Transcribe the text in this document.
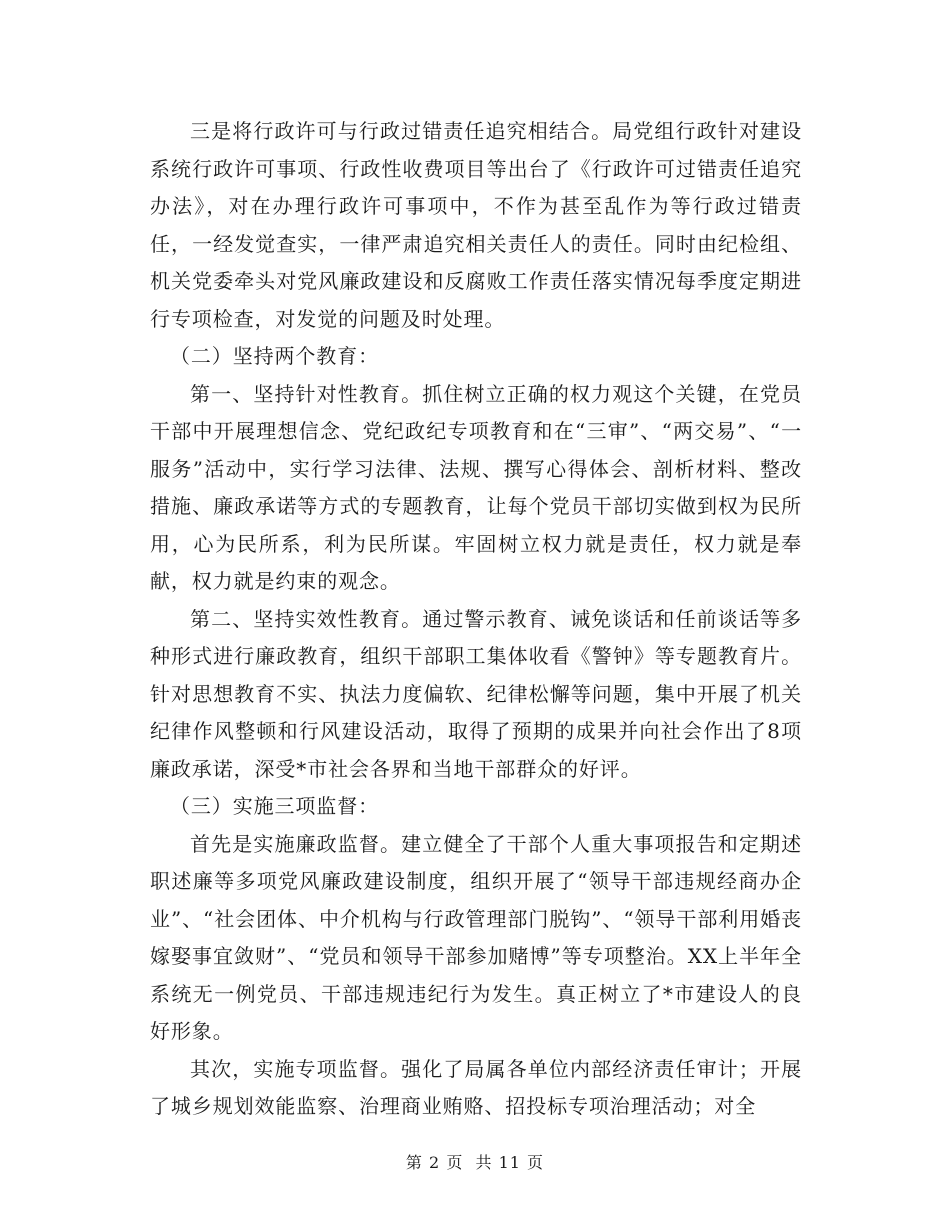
三是将行政许可与行政过错责任追究相结合。局党组行政针对建设系统行政许可事项、行政性收费项目等出台了《行政许可过错责任追究办法》，对在办理行政许可事项中，不作为甚至乱作为等行政过错责任，一经发觉查实，一律严肃追究相关责任人的责任。同时由纪检组、机关党委牵头对党风廉政建设和反腐败工作责任落实情况每季度定期进行专项检查，对发觉的问题及时处理。

（二）坚持两个教育：

第一、坚持针对性教育。抓住树立正确的权力观这个关键，在党员干部中开展理想信念、党纪政纪专项教育和在“三审”、“两交易”、“一服务”活动中，实行学习法律、法规、撰写心得体会、剖析材料、整改措施、廉政承诺等方式的专题教育，让每个党员干部切实做到权为民所用，心为民所系，利为民所谋。牢固树立权力就是责任，权力就是奉献，权力就是约束的观念。

第二、坚持实效性教育。通过警示教育、诫免谈话和任前谈话等多种形式进行廉政教育，组织干部职工集体收看《警钟》等专题教育片。针对思想教育不实、执法力度偏软、纪律松懈等问题，集中开展了机关纪律作风整顿和行风建设活动，取得了预期的成果并向社会作出了8项廉政承诺，深受*市社会各界和当地干部群众的好评。

（三）实施三项监督：

首先是实施廉政监督。建立健全了干部个人重大事项报告和定期述职述廉等多项党风廉政建设制度，组织开展了“领导干部违规经商办企业”、“社会团体、中介机构与行政管理部门脱钩”、“领导干部利用婚丧嫁娶事宜敛财”、“党员和领导干部参加赌博”等专项整治。XX上半年全系统无一例党员、干部违规违纪行为发生。真正树立了*市建设人的良好形象。

其次，实施专项监督。强化了局属各单位内部经济责任审计；开展了城乡规划效能监察、治理商业贿赂、招投标专项治理活动；对全

第 2 页  共 11 页
